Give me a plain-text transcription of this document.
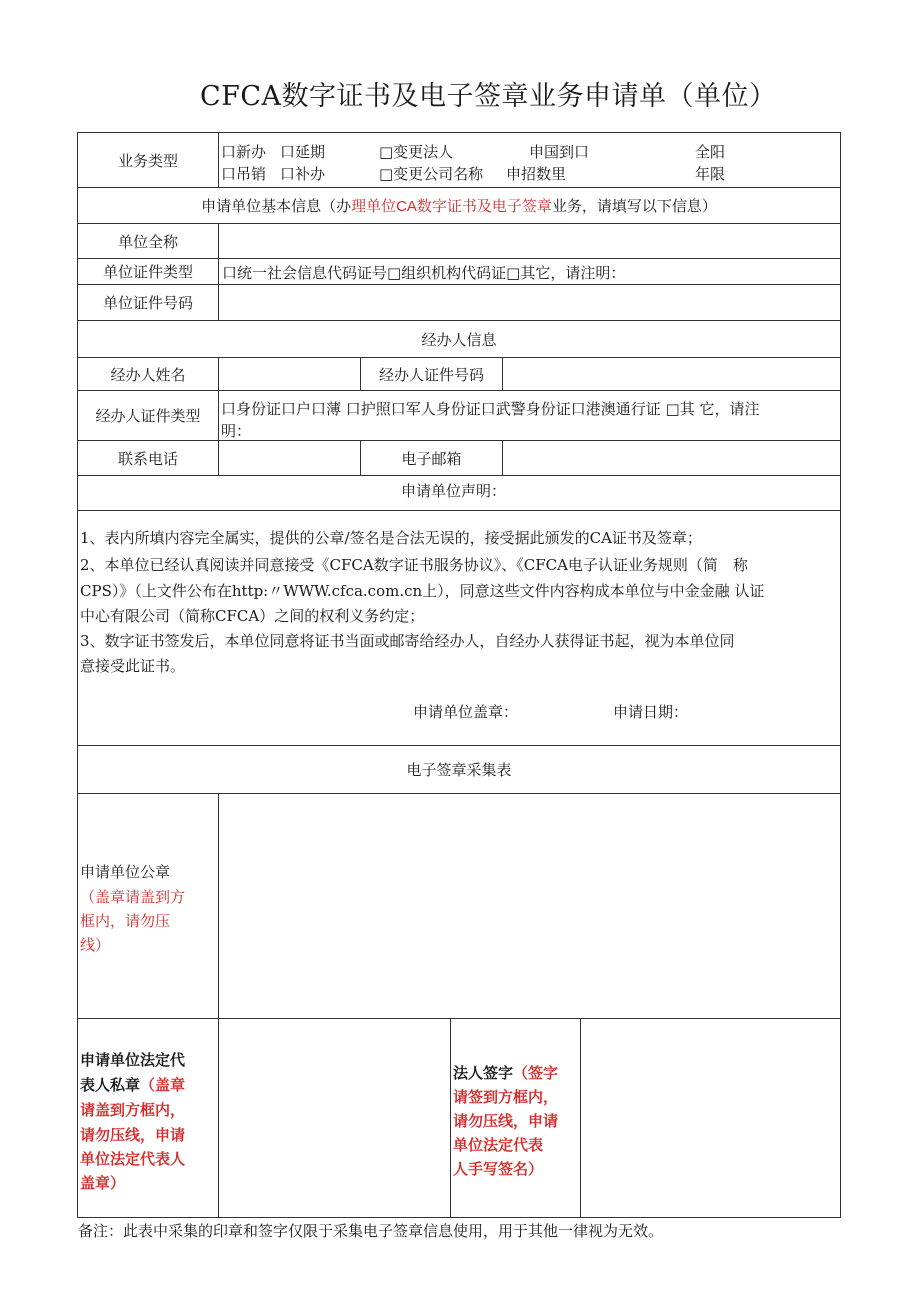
CFCA数字证书及电子签章业务申请单（单位）
业务类型	口新办 口延期	□变更法人	申国到口	全阳
口吊销 口补办	□变更公司名称 申招数里	年限
申请单位基本信息（办 理单位CA数字证书及电子签章 业务，请填写以下信息）
单位全称
单位证件类型	口统一社会信息代码证号□组织机构代码证□其它，请注明：
单位证件号码
经办人信息
经办人姓名	经办人证件号码
经办人证件类型	口身份证口户口薄 口护照口军人身份证口武警身份证口港澳通行证 □其 它，请注
明：
联系电话	电子邮箱
申请单位声明：
1、表内所填内容完全属实，提供的公章/签名是合法无误的，接受据此颁发的CA证书及签章；
2、本单位已经认真阅读并同意接受《CFCA数字证书服务协议》、《CFCA电子认证业务规则（简　称
CPS）》（上文件公布在http:〃WWW.cfca.com.cn上），同意这些文件内容构成本单位与中金金融 认证
中心有限公司（简称CFCA）之间的权利义务约定；
3、数字证书签发后，本单位同意将证书当面或邮寄给经办人，自经办人获得证书起，视为本单位同
意接受此证书。
申请单位盖章：	申请日期：
电子签章采集表
申请单位公章
（盖章请盖到方
框内，请勿压
线）
申请单位法定代
表人私章（盖章
请盖到方框内，
请勿压线，申请
单位法定代表人
盖章）
法人签字（签字
请签到方框内，
请勿压线，申请
单位法定代表
人手写签名）
备注：此表中采集的印章和签字仅限于采集电子签章信息使用，用于其他一律视为无效。
